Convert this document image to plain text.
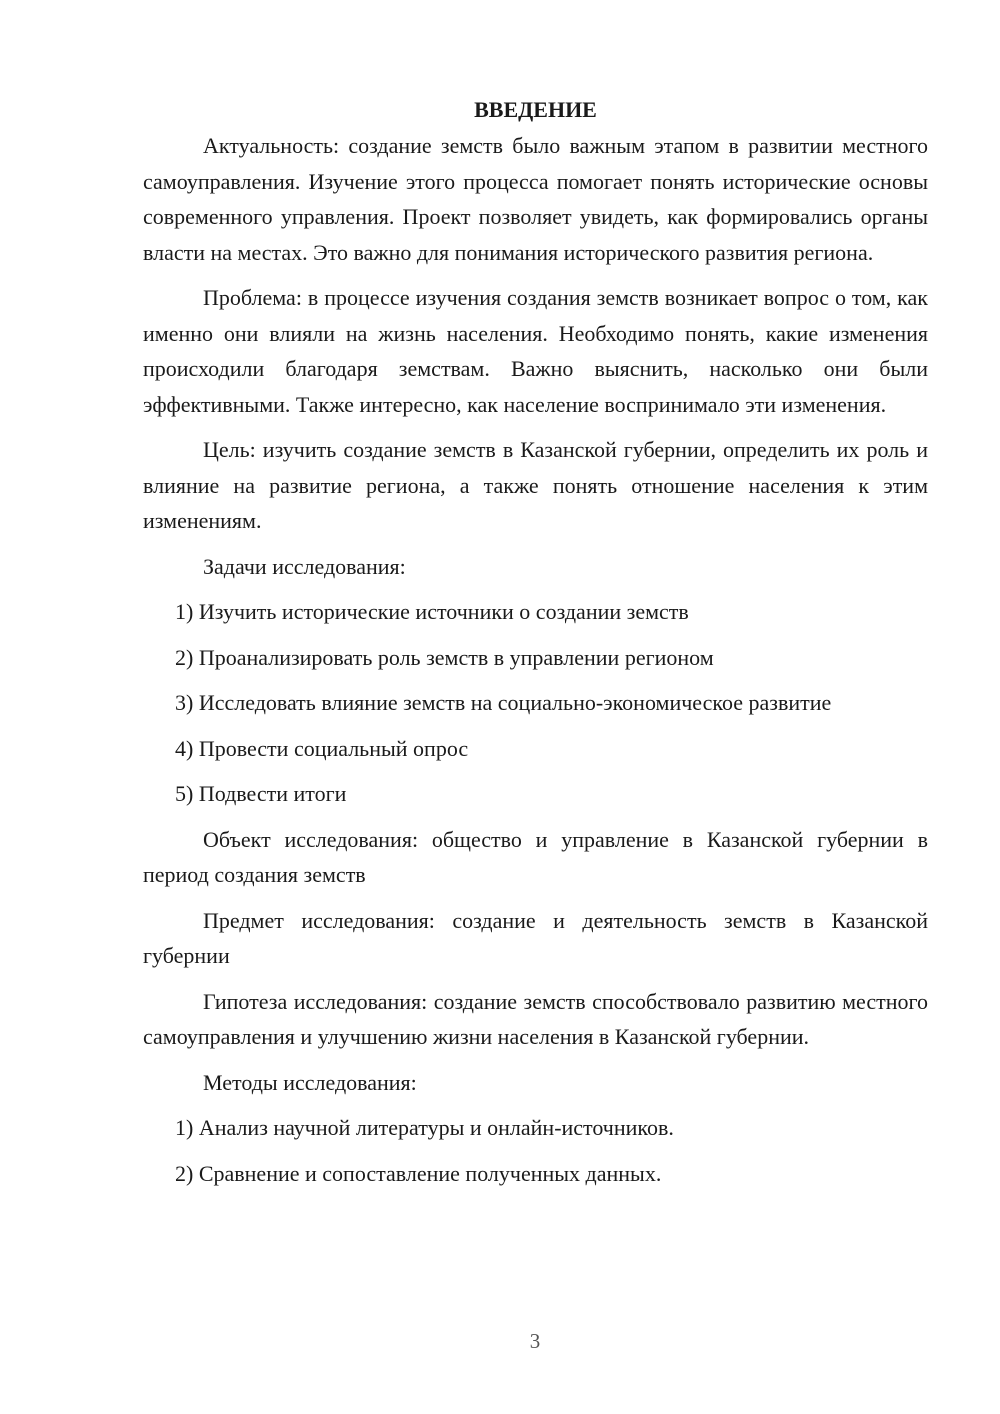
ВВЕДЕНИЕ

Актуальность: создание земств было важным этапом в развитии местного самоуправления. Изучение этого процесса помогает понять исторические основы современного управления. Проект позволяет увидеть, как формировались органы власти на местах. Это важно для понимания исторического развития региона.

Проблема: в процессе изучения создания земств возникает вопрос о том, как именно они влияли на жизнь населения. Необходимо понять, какие изменения происходили благодаря земствам. Важно выяснить, насколько они были эффективными. Также интересно, как население воспринимало эти изменения.

Цель: изучить создание земств в Казанской губернии, определить их роль и влияние на развитие региона, а также понять отношение населения к этим изменениям.

Задачи исследования:

1) Изучить исторические источники о создании земств
2) Проанализировать роль земств в управлении регионом
3) Исследовать влияние земств на социально-экономическое развитие
4) Провести социальный опрос
5) Подвести итоги

Объект исследования: общество и управление в Казанской губернии в период создания земств

Предмет исследования: создание и деятельность земств в Казанской губернии

Гипотеза исследования: создание земств способствовало развитию местного самоуправления и улучшению жизни населения в Казанской губернии.

Методы исследования:

1) Анализ научной литературы и онлайн-источников.
2) Сравнение и сопоставление полученных данных.
3
